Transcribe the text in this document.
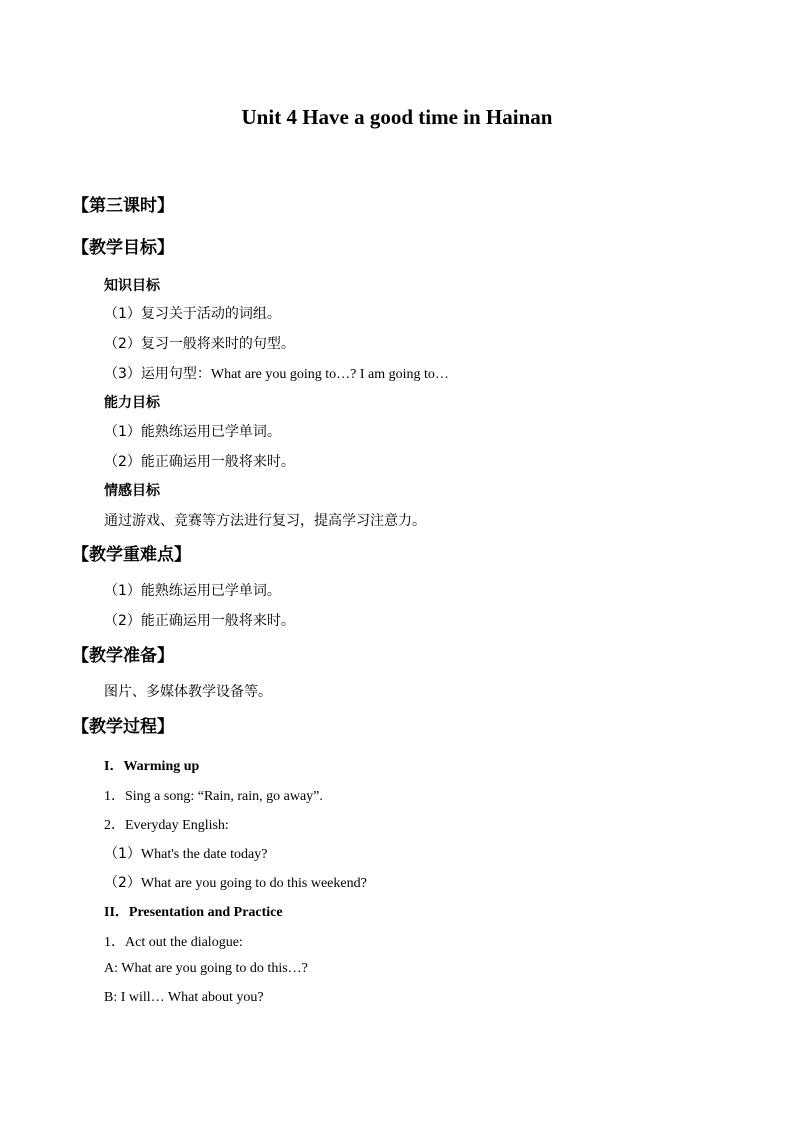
Unit 4 Have a good time in Hainan
【第三课时】
【教学目标】
知识目标
（1）复习关于活动的词组。
（2）复习一般将来时的句型。
（3）运用句型：What are you going to…? I am going to…
能力目标
（1）能熟练运用已学单词。
（2）能正确运用一般将来时。
情感目标
通过游戏、竞赛等方法进行复习，提高学习注意力。
【教学重难点】
（1）能熟练运用已学单词。
（2）能正确运用一般将来时。
【教学准备】
图片、多媒体教学设备等。
【教学过程】
I．Warming up
1．Sing a song: “Rain, rain, go away”.
2．Everyday English:
（1）What's the date today?
（2）What are you going to do this weekend?
II．Presentation and Practice
1．Act out the dialogue:
A: What are you going to do this…?
B: I will… What about you?
